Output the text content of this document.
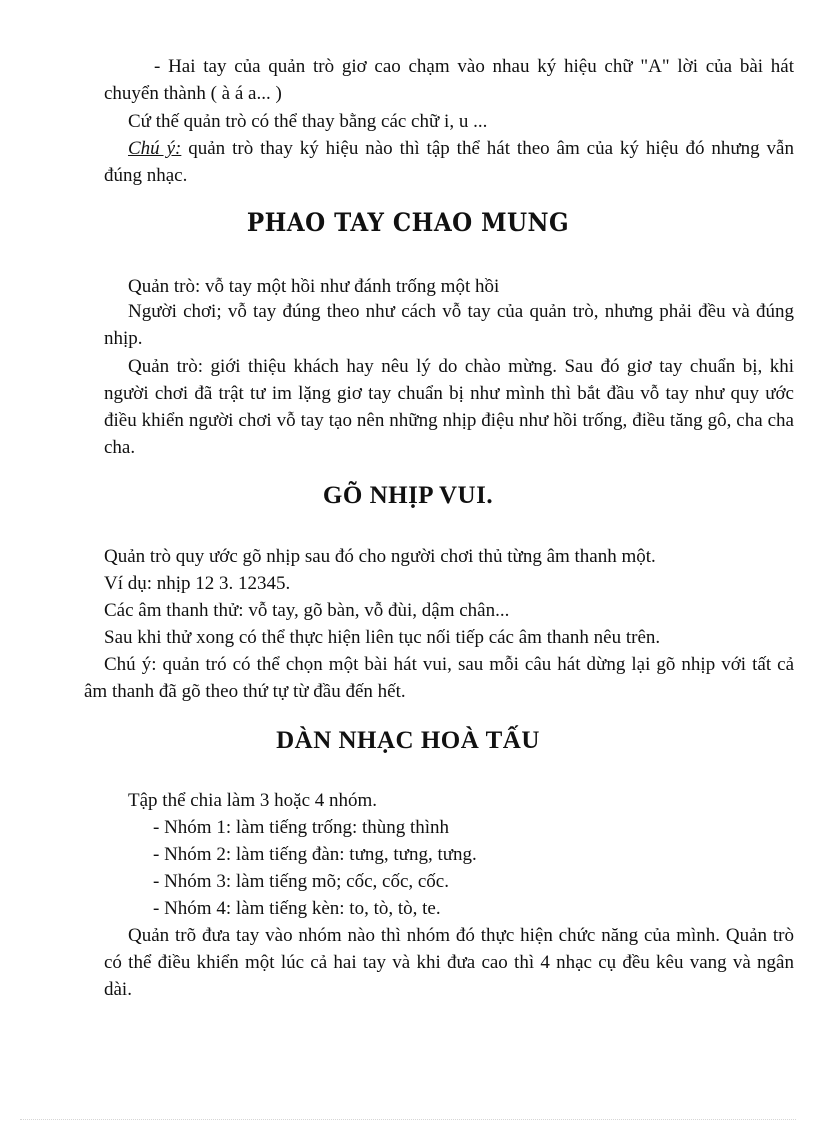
- Hai tay của quản trò giơ cao chạm vào nhau ký hiệu chữ "A" lời của bài hát chuyển thành ( à á a... )

Cứ thế quản trò có thể thay bằng các chữ i, u ...

Chú ý: quản trò thay ký hiệu nào thì tập thể hát theo âm của ký hiệu đó nhưng vẫn đúng nhạc.

PHAO TAY CHAO MUNG

Quản trò: vỗ tay một hồi như đánh trống một hồi

Người chơi; vỗ tay đúng theo như cách vỗ tay của quản trò, nhưng phải đều và đúng nhịp.

Quản trò: giới thiệu khách hay nêu lý do chào mừng. Sau đó giơ tay chuẩn bị, khi người chơi đã trật tư im lặng giơ tay chuẩn bị như mình thì bắt đầu vỗ tay như quy ước điều khiển người chơi vỗ tay tạo nên những nhịp điệu như hồi trống, điều tăng gô, cha cha cha.

GÕ NHỊP VUI.

Quản trò quy ước gõ nhịp sau đó cho người chơi thủ từng âm thanh một.

Ví dụ: nhịp 12 3. 12345.

Các âm thanh thử: vỗ tay, gõ bàn, vỗ đùi, dậm chân...

Sau khi thử xong có thể thực hiện liên tục nối tiếp các âm thanh nêu trên.

Chú ý: quản tró có thể chọn một bài hát vui, sau mỗi câu hát dừng lại gõ nhịp với tất cả âm thanh đã gõ theo thứ tự từ đầu đến hết.

DÀN NHẠC HOÀ TẤU

Tập thể chia làm 3 hoặc 4 nhóm.

- Nhóm 1: làm tiếng trống: thùng thình

- Nhóm 2: làm tiếng đàn: tưng, tưng, tưng.

- Nhóm 3: làm tiếng mõ; cốc, cốc, cốc.

- Nhóm 4: làm tiếng kèn: to, tò, tò, te.

Quản trõ đưa tay vào nhóm nào thì nhóm đó thực hiện chức năng của mình. Quản trò có thể điều khiển một lúc cả hai tay và khi đưa cao thì 4 nhạc cụ đều kêu vang và ngân dài.
